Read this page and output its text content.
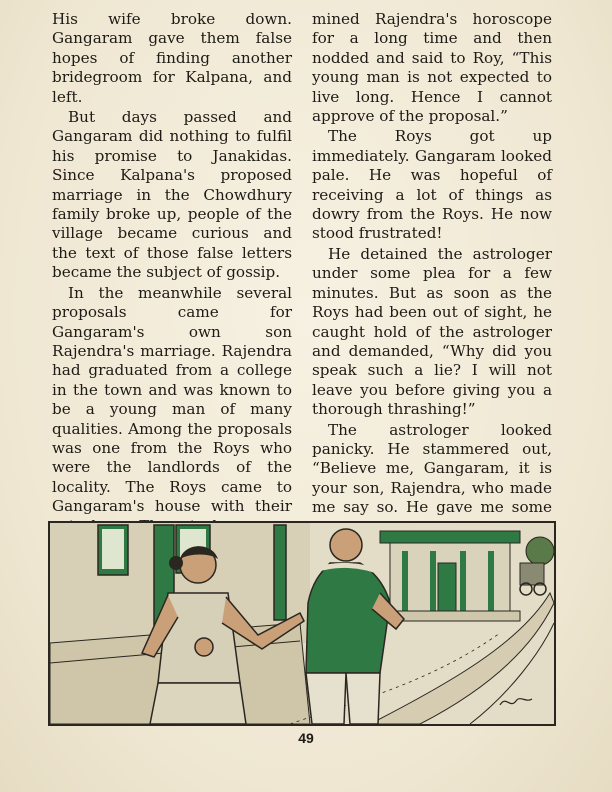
His wife broke down. Gangaram gave them false hopes of finding another bridegroom for Kalpana, and left.

But days passed and Gangaram did nothing to fulfil his promise to Janakidas. Since Kalpana's proposed marriage in the Chowdhury family broke up, people of the village became curious and the text of those false letters became the subject of gossip.

In the meanwhile several proposals came for Gangaram's own son Rajendra's marriage. Rajendra had graduated from a college in the town and was known to be a young man of many qualities. Among the proposals was one from the Roys who were the landlords of the locality. The Roys came to Gangaram's house with their

mined Rajendra's horoscope for a long time and then nodded and said to Roy, “This young man is not expected to live long. Hence I cannot approve of the proposal.”

The Roys got up immediately. Gangaram looked pale. He was hopeful of receiving a lot of things as dowry from the Roys. He now stood frustrated!

He detained the astrologer under some plea for a few minutes. But as soon as the Roys had been out of sight, he caught hold of the astrologer and demanded, “Why did you speak such a lie? I will not leave you before giving you a thorough thrashing!”

The astrologer looked panicky. He stammered out, “Believe me, Gangaram, it is your son, Rajendra, who made me say so. He gave me some

49
